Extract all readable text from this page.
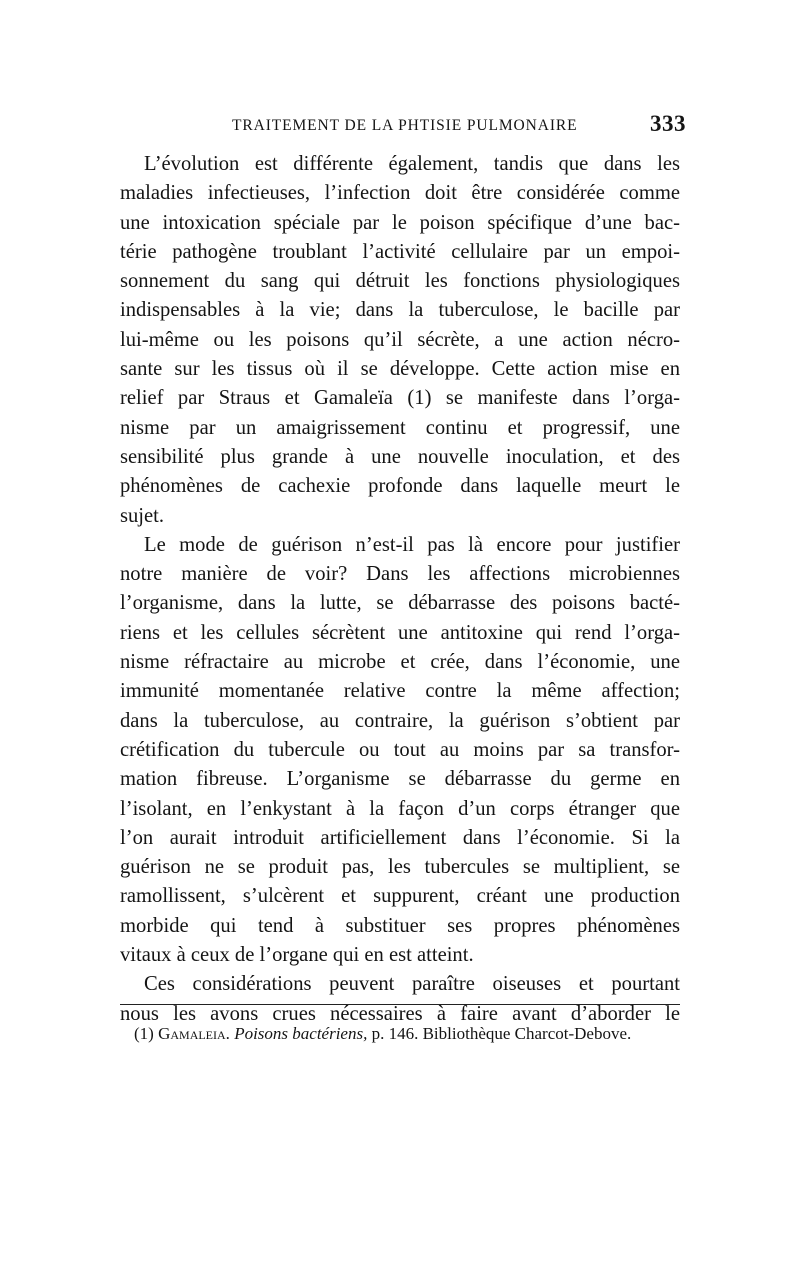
TRAITEMENT DE LA PHTISIE PULMONAIRE	333
L’évolution est différente également, tandis que dans les
maladies infectieuses, l’infection doit être considérée comme
une intoxication spéciale par le poison spécifique d’une bac-
térie pathogène troublant l’activité cellulaire par un empoi-
sonnement du sang qui détruit les fonctions physiologiques
indispensables à la vie; dans la tuberculose, le bacille par
lui-même ou les poisons qu’il sécrète, a une action nécro-
sante sur les tissus où il se développe. Cette action mise en
relief par Straus et Gamaleïa (1) se manifeste dans l’orga-
nisme par un amaigrissement continu et progressif, une
sensibilité plus grande à une nouvelle inoculation, et des
phénomènes de cachexie profonde dans laquelle meurt le
sujet.
Le mode de guérison n’est-il pas là encore pour justifier
notre manière de voir? Dans les affections microbiennes
l’organisme, dans la lutte, se débarrasse des poisons bacté-
riens et les cellules sécrètent une antitoxine qui rend l’orga-
nisme réfractaire au microbe et crée, dans l’économie, une
immunité momentanée relative contre la même affection;
dans la tuberculose, au contraire, la guérison s’obtient par
crétification du tubercule ou tout au moins par sa transfor-
mation fibreuse. L’organisme se débarrasse du germe en
l’isolant, en l’enkystant à la façon d’un corps étranger que
l’on aurait introduit artificiellement dans l’économie. Si la
guérison ne se produit pas, les tubercules se multiplient, se
ramollissent, s’ulcèrent et suppurent, créant une production
morbide qui tend à substituer ses propres phénomènes
vitaux à ceux de l’organe qui en est atteint.
Ces considérations peuvent paraître oiseuses et pourtant
nous les avons crues nécessaires à faire avant d’aborder le
(1) Gamaleia. Poisons bactériens, p. 146. Bibliothèque Charcot-Debove.
